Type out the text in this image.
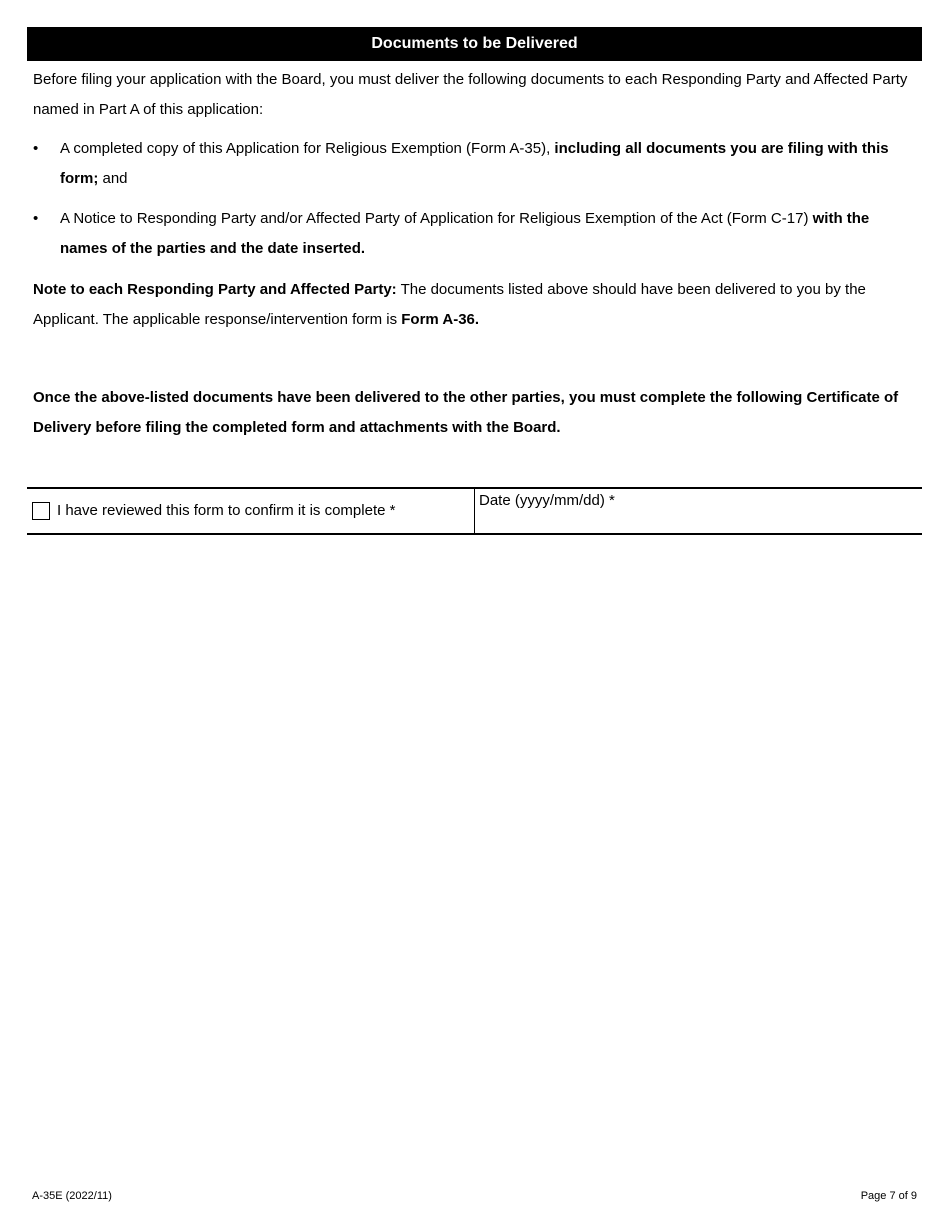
Documents to be Delivered
Before filing your application with the Board, you must deliver the following documents to each Responding Party and Affected Party named in Part A of this application:
•	A completed copy of this Application for Religious Exemption (Form A-35), including all documents you are filing with this form; and
•	A Notice to Responding Party and/or Affected Party of Application for Religious Exemption of the Act (Form C-17) with the names of the parties and the date inserted.
Note to each Responding Party and Affected Party: The documents listed above should have been delivered to you by the Applicant. The applicable response/intervention form is Form A-36.
Once the above-listed documents have been delivered to the other parties, you must complete the following Certificate of Delivery before filing the completed form and attachments with the Board.
I have reviewed this form to confirm it is complete *
Date (yyyy/mm/dd) *
A-35E (2022/11)	Page 7 of 9
